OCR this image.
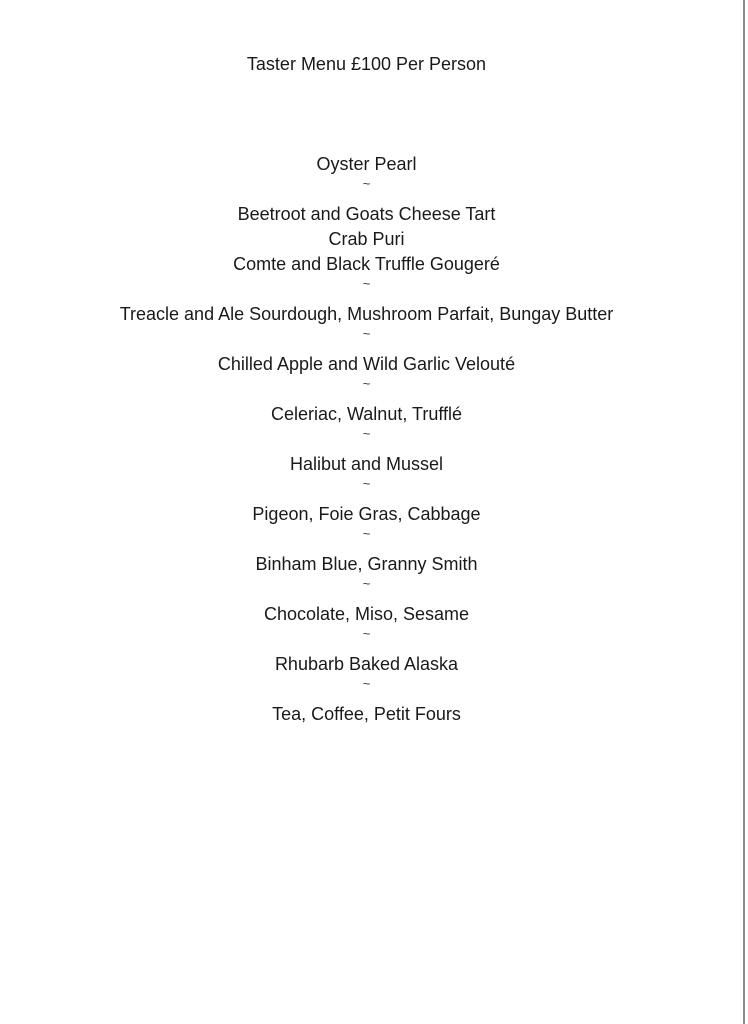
Taster Menu £100 Per Person
Oyster Pearl
~
Beetroot and Goats Cheese Tart
Crab Puri
Comte and Black Truffle Gougeré
~
Treacle and Ale Sourdough, Mushroom Parfait, Bungay Butter
~
Chilled Apple and Wild Garlic Velouté
~
Celeriac, Walnut, Trufflé
~
Halibut and Mussel
~
Pigeon, Foie Gras, Cabbage
~
Binham Blue, Granny Smith
~
Chocolate, Miso, Sesame
~
Rhubarb Baked Alaska
~
Tea, Coffee, Petit Fours
